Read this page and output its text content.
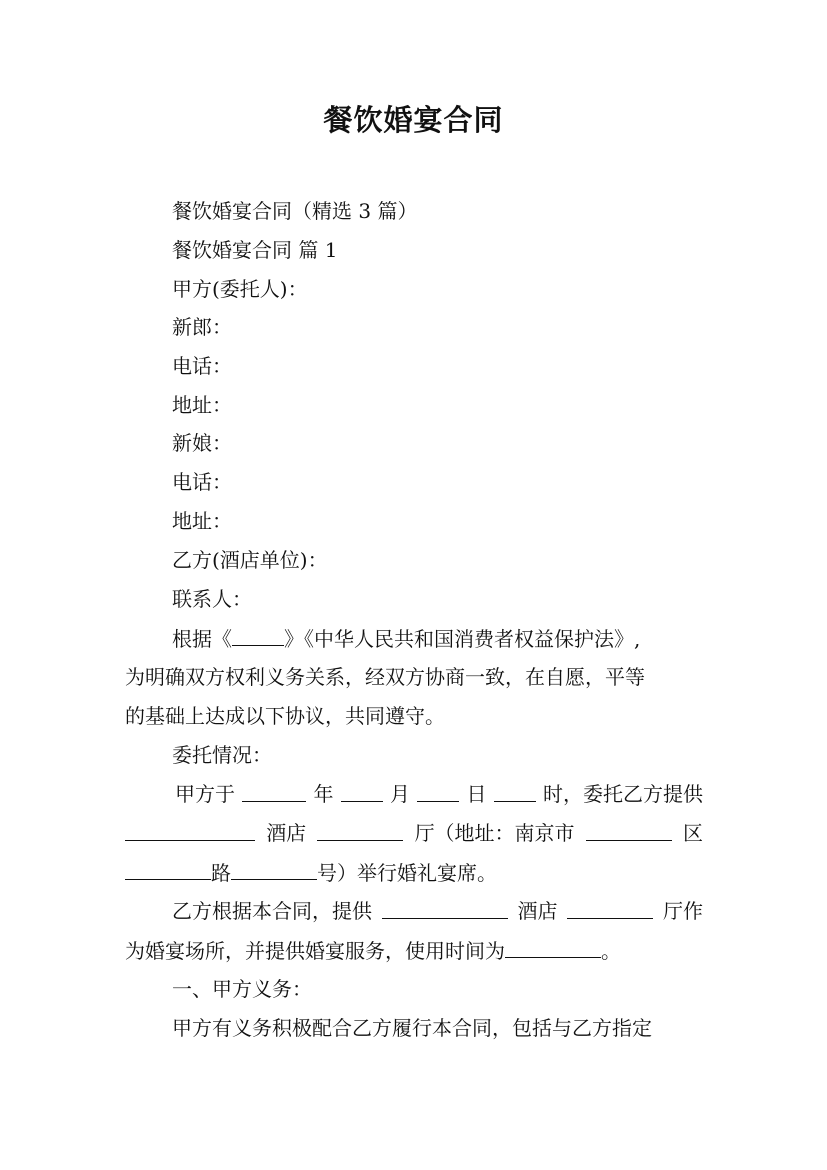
餐饮婚宴合同
餐饮婚宴合同（精选 3 篇）
餐饮婚宴合同 篇 1
甲方(委托人)：
新郎：
电话：
地址：
新娘：
电话：
地址：
乙方(酒店单位)：
联系人：
根据《	》《中华人民共和国消费者权益保护法》,
为明确双方权利义务关系，经双方协商一致，在自愿，平等
的基础上达成以下协议，共同遵守。
委托情况：
甲方于	年	月	日	时，委托乙方提供
酒店	厅（地址：南京市	区
路	号）举行婚礼宴席。
乙方根据本合同，提供	酒店	厅作
为婚宴场所，并提供婚宴服务，使用时间为	。
一、甲方义务：
甲方有义务积极配合乙方履行本合同，包括与乙方指定
